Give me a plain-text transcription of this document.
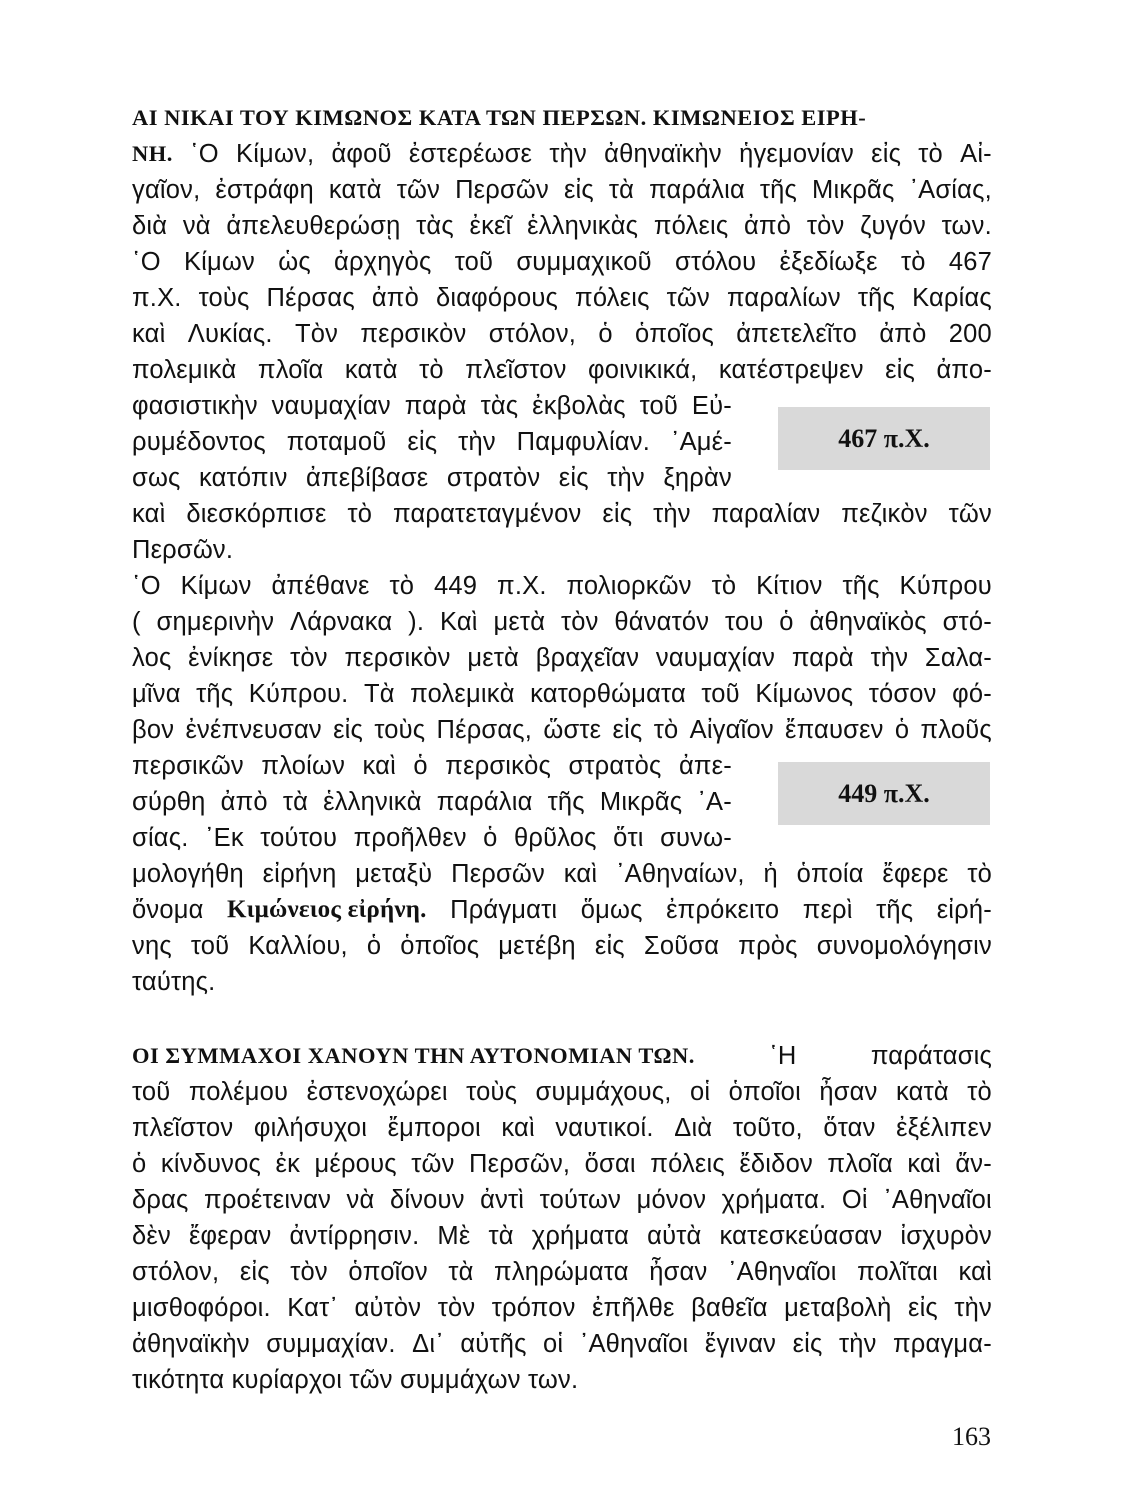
ΑΙ ΝΙΚΑΙ ΤΟΥ ΚΙΜΩΝΟΣ ΚΑΤΑ ΤΩΝ ΠΕΡΣΩΝ. ΚΙΜΩΝΕΙΟΣ ΕΙΡΗ-
ΝΗ. ῾Ο Κίμων, ἀφοῦ ἐστερέωσε τὴν ἀθηναϊκὴν ἡγεμονίαν εἰς τὸ Αἰ-
γαῖον, ἐστράφη κατὰ τῶν Περσῶν εἰς τὰ παράλια τῆς Μικρᾶς ᾿Ασίας,
διὰ νὰ ἀπελευθερώσῃ τὰς ἐκεῖ ἑλληνικὰς πόλεις ἀπὸ τὸν ζυγόν των.
῾Ο Κίμων ὡς ἀρχηγὸς τοῦ συμμαχικοῦ στόλου ἐξεδίωξε τὸ 467
π.Χ. τοὺς Πέρσας ἀπὸ διαφόρους πόλεις τῶν παραλίων τῆς Καρίας
καὶ Λυκίας. Τὸν περσικὸν στόλον, ὁ ὁποῖος ἀπετελεῖτο ἀπὸ 200
πολεμικὰ πλοῖα κατὰ τὸ πλεῖστον φοινικικά, κατέστρεψεν εἰς ἀπο-
φασιστικὴν ναυμαχίαν παρὰ τὰς ἐκβολὰς τοῦ Εὐ-
ρυμέδοντος ποταμοῦ εἰς τὴν Παμφυλίαν. ᾿Αμέ-
σως κατόπιν ἀπεβίβασε στρατὸν εἰς τὴν ξηρὰν
καὶ διεσκόρπισε τὸ παρατεταγμένον εἰς τὴν παραλίαν πεζικὸν τῶν
Περσῶν.
῾Ο Κίμων ἀπέθανε τὸ 449 π.Χ. πολιορκῶν τὸ Κίτιον τῆς Κύπρου
( σημερινὴν Λάρνακα ). Καὶ μετὰ τὸν θάνατόν του ὁ ἀθηναϊκὸς στό-
λος ἐνίκησε τὸν περσικὸν μετὰ βραχεῖαν ναυμαχίαν παρὰ τὴν Σαλα-
μῖνα τῆς Κύπρου. Τὰ πολεμικὰ κατορθώματα τοῦ Κίμωνος τόσον φό-
βον ἐνέπνευσαν εἰς τοὺς Πέρσας, ὥστε εἰς τὸ Αἰγαῖον ἔπαυσεν ὁ πλοῦς
περσικῶν πλοίων καὶ ὁ περσικὸς στρατὸς ἀπε-
σύρθη ἀπὸ τὰ ἑλληνικὰ παράλια τῆς Μικρᾶς ᾿Α-
σίας. ᾿Εκ τούτου προῆλθεν ὁ θρῦλος ὅτι συνω-
μολογήθη εἰρήνη μεταξὺ Περσῶν καὶ ᾿Αθηναίων, ἡ ὁποία ἔφερε τὸ
ὄνομα Κιμώνειος εἰρήνη. Πράγματι ὅμως ἐπρόκειτο περὶ τῆς εἰρή-
νης τοῦ Καλλίου, ὁ ὁποῖος μετέβη εἰς Σοῦσα πρὸς συνομολόγησιν
ταύτης.
ΟΙ ΣΥΜΜΑΧΟΙ ΧΑΝΟΥΝ ΤΗΝ ΑΥΤΟΝΟΜΙΑΝ ΤΩΝ.	῾Η	παράτασις
τοῦ πολέμου ἐστενοχώρει τοὺς συμμάχους, οἱ ὁποῖοι ἦσαν κατὰ τὸ
πλεῖστον φιλήσυχοι ἔμποροι καὶ ναυτικοί. Διὰ τοῦτο, ὅταν ἐξέλιπεν
ὁ κίνδυνος ἐκ μέρους τῶν Περσῶν, ὅσαι πόλεις ἔδιδον πλοῖα καὶ ἄν-
δρας προέτειναν νὰ δίνουν ἀντὶ τούτων μόνον χρήματα. Οἱ ᾿Αθηναῖοι
δὲν ἔφεραν ἀντίρρησιν. Μὲ τὰ χρήματα αὐτὰ κατεσκεύασαν ἰσχυρὸν
στόλον, εἰς τὸν ὁποῖον τὰ πληρώματα ἦσαν ᾿Αθηναῖοι πολῖται καὶ
μισθοφόροι. Κατ᾿ αὐτὸν τὸν τρόπον ἐπῆλθε βαθεῖα μεταβολὴ εἰς τὴν
ἀθηναϊκὴν συμμαχίαν. Δι᾿ αὐτῆς οἱ ᾿Αθηναῖοι ἔγιναν εἰς τὴν πραγμα-
τικότητα κυρίαρχοι τῶν συμμάχων των.
467 π.Χ.
449 π.Χ.
163
